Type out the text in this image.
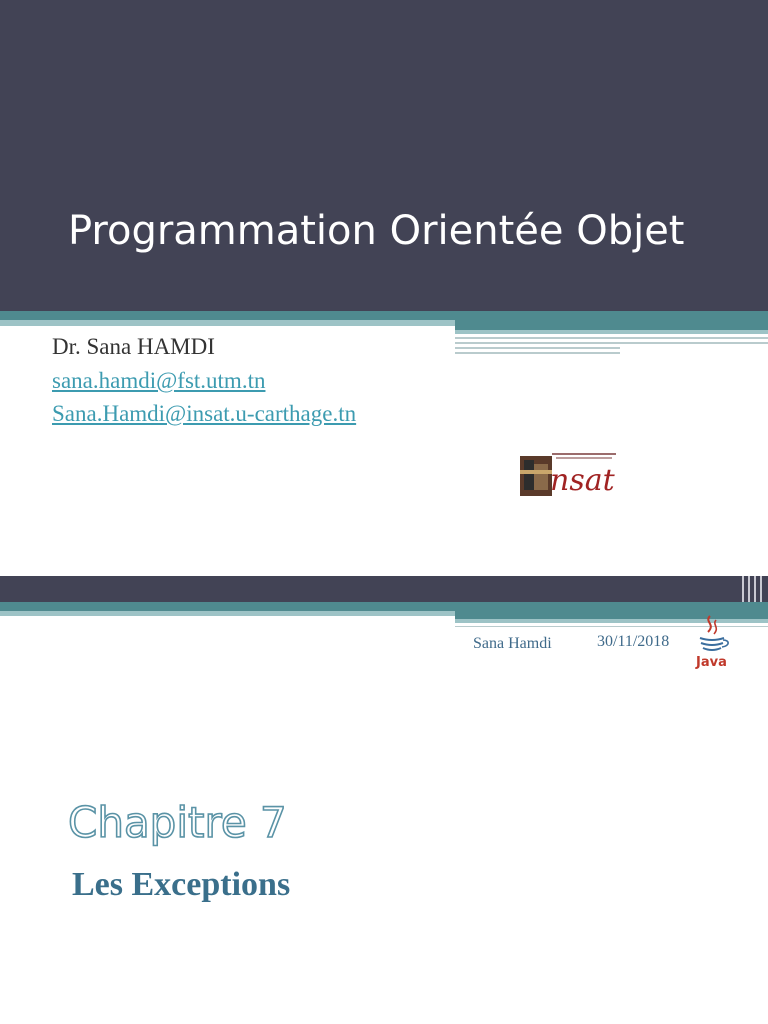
Programmation Orientée Objet
Dr. Sana HAMDI
sana.hamdi@fst.utm.tn
Sana.Hamdi@insat.u-carthage.tn
nsat
Sana Hamdi	30/11/2018
Java
Chapitre 7
Les Exceptions
